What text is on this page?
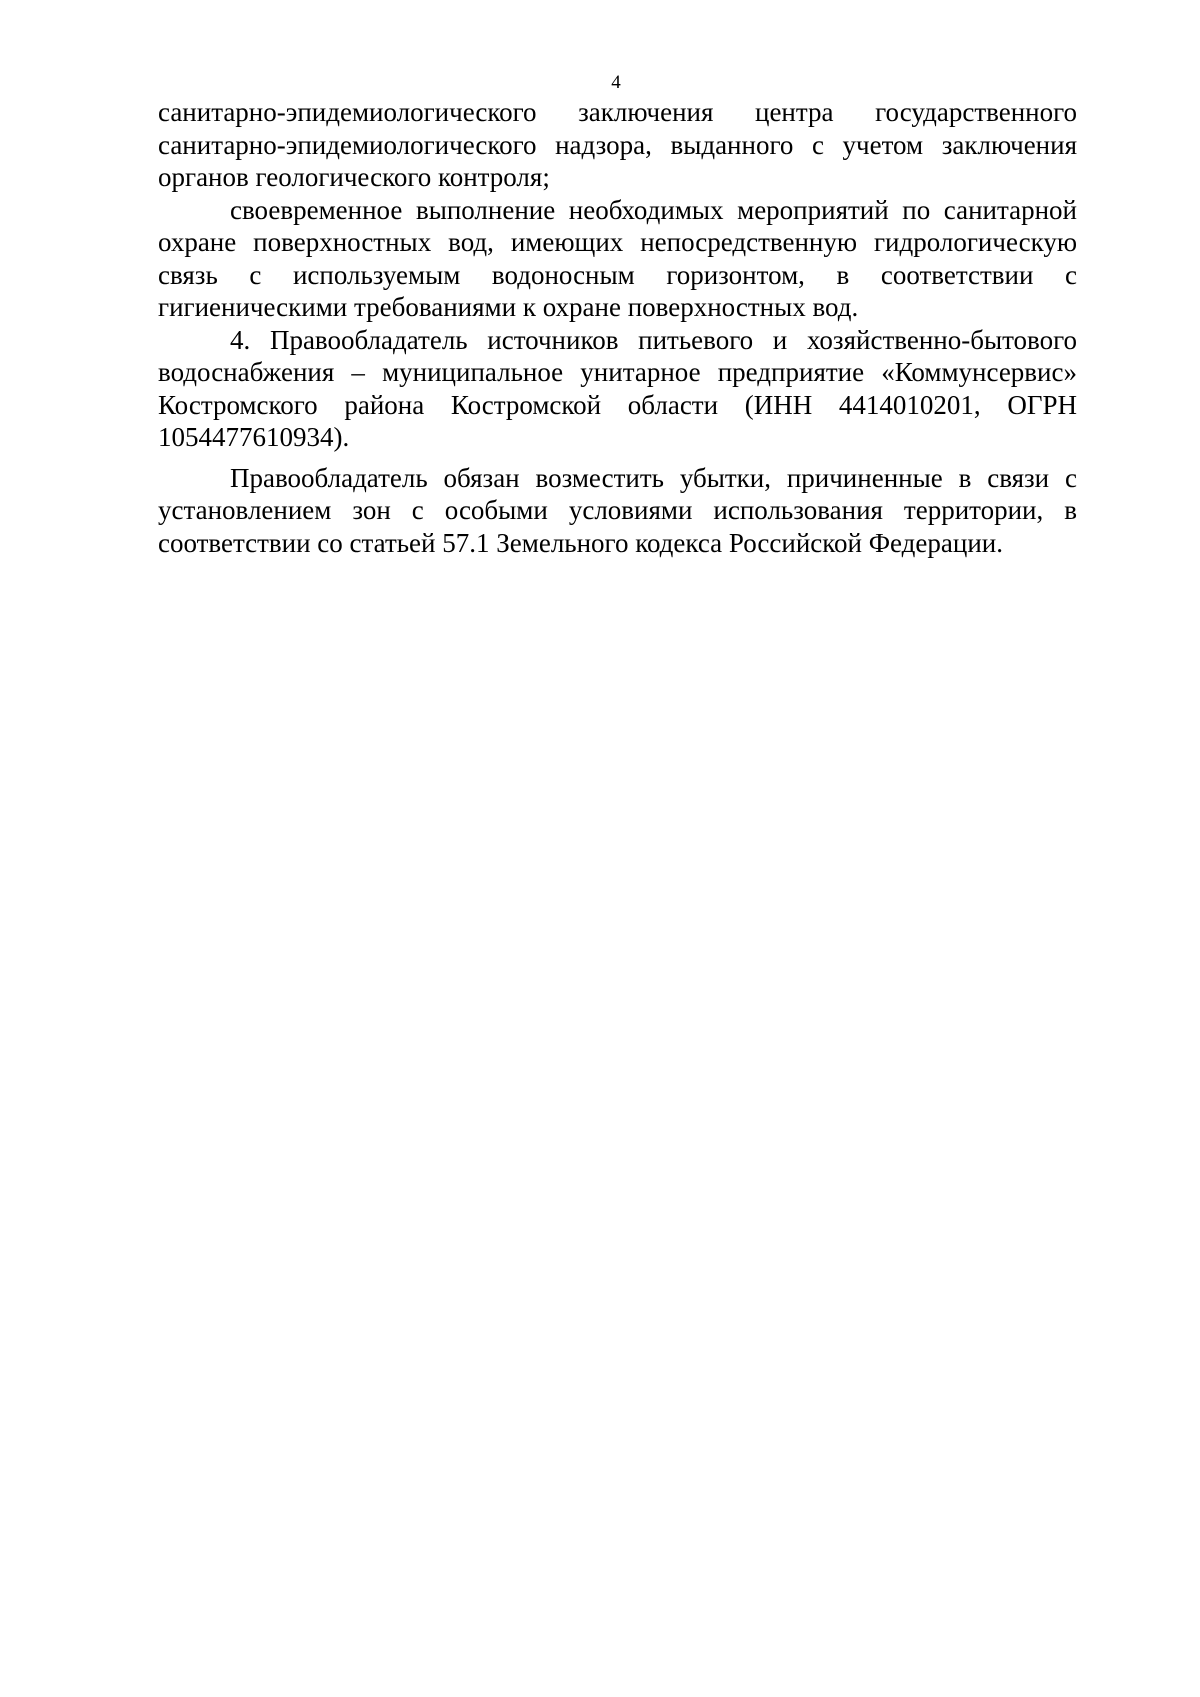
4

санитарно-эпидемиологического заключения центра государственного санитарно-эпидемиологического надзора, выданного с учетом заключения органов геологического контроля;

своевременное выполнение необходимых мероприятий по санитарной охране поверхностных вод, имеющих непосредственную гидрологическую связь с используемым водоносным горизонтом, в соответствии с гигиеническими требованиями к охране поверхностных вод.

4. Правообладатель источников питьевого и хозяйственно-бытового водоснабжения – муниципальное унитарное предприятие «Коммунсервис» Костромского района Костромской области (ИНН 4414010201, ОГРН 1054477610934).

Правообладатель обязан возместить убытки, причиненные в связи с установлением зон с особыми условиями использования территории, в соответствии со статьей 57.1 Земельного кодекса Российской Федерации.
